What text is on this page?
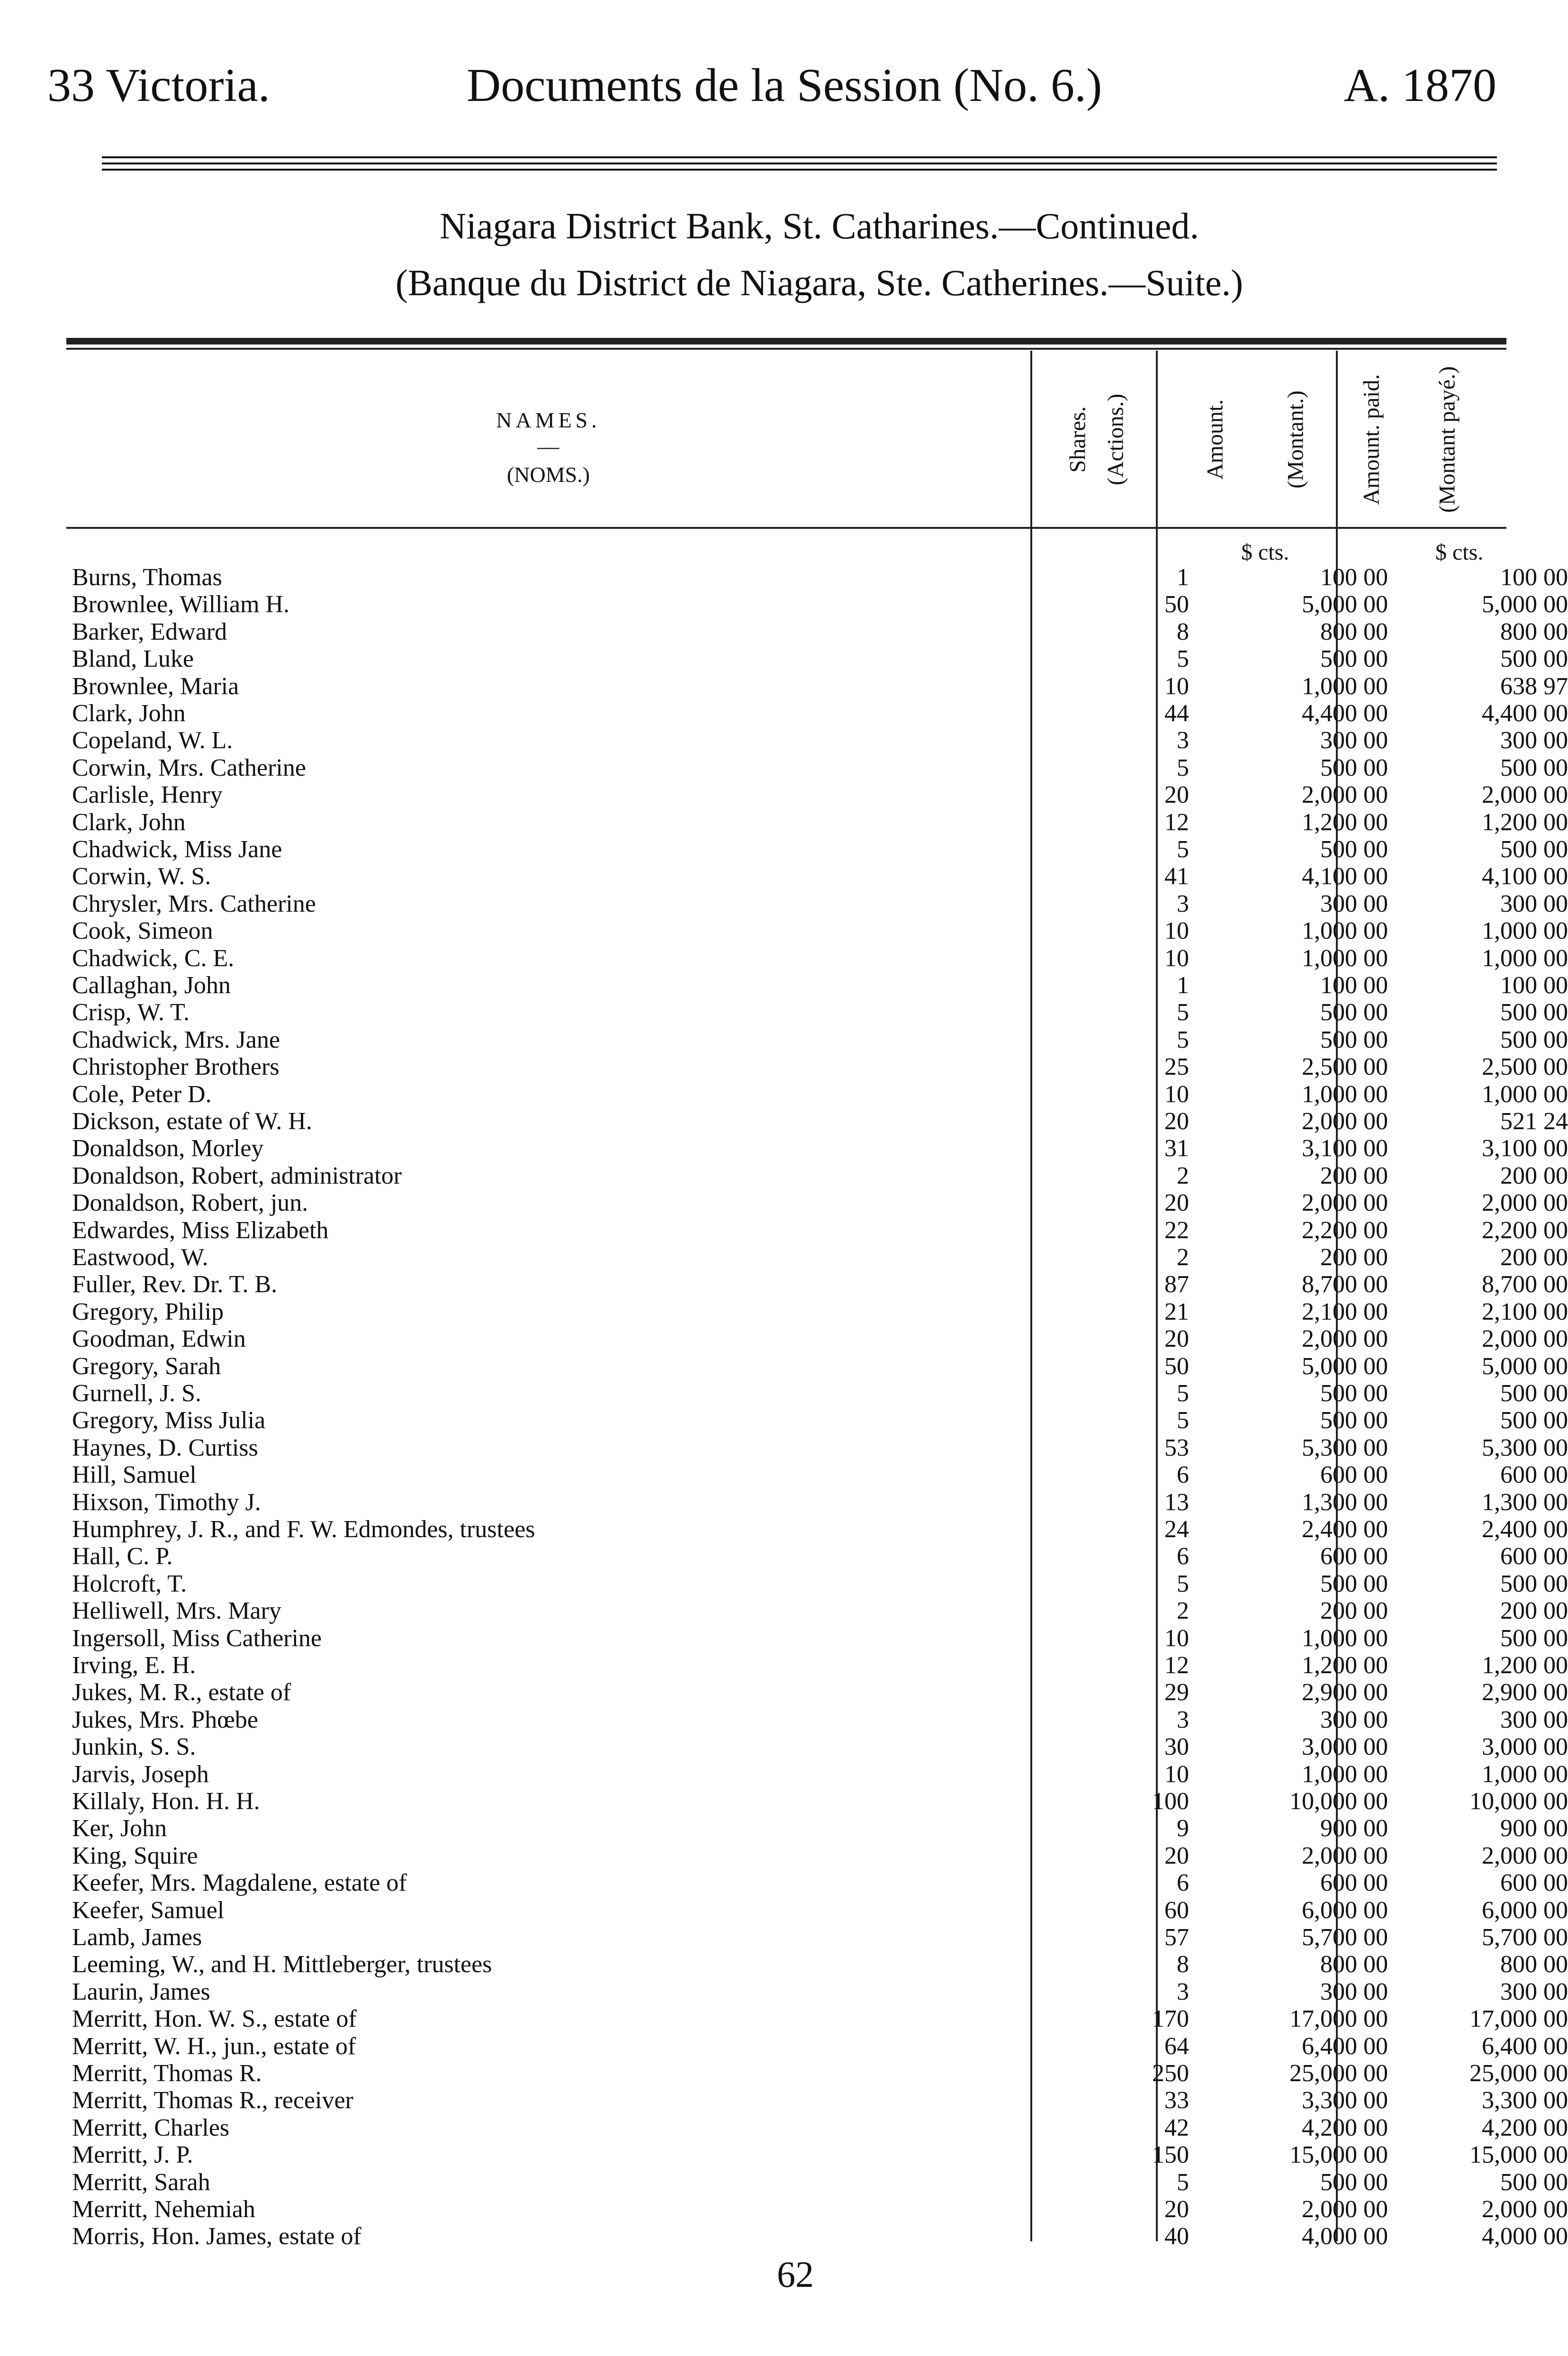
33 Victoria.	Documents de la Session (No. 6.)	A. 1870
Niagara District Bank, St. Catharines.—Continued.
(Banque du District de Niagara, Ste. Catherines.—Suite.)
NAMES.
—
(NOMS.)
Shares. (Actions.)	Amount. (Montant.) Amount. paid. (Montant payé.)
$ cts.	$ cts.
Burns, Thomas	1	100 00	100 00
Brownlee, William H.	50	5,000 00	5,000 00
Barker, Edward	8	800 00	800 00
Bland, Luke	5	500 00	500 00
Brownlee, Maria	10	1,000 00	638 97
Clark, John	44	4,400 00	4,400 00
Copeland, W. L.	3	300 00	300 00
Corwin, Mrs. Catherine	5	500 00	500 00
Carlisle, Henry	20	2,000 00	2,000 00
Clark, John	12	1,200 00	1,200 00
Chadwick, Miss Jane	5	500 00	500 00
Corwin, W. S.	41	4,100 00	4,100 00
Chrysler, Mrs. Catherine	3	300 00	300 00
Cook, Simeon	10	1,000 00	1,000 00
Chadwick, C. E.	10	1,000 00	1,000 00
Callaghan, John	1	100 00	100 00
Crisp, W. T.	5	500 00	500 00
Chadwick, Mrs. Jane	5	500 00	500 00
Christopher Brothers	25	2,500 00	2,500 00
Cole, Peter D.	10	1,000 00	1,000 00
Dickson, estate of W. H.	20	2,000 00	521 24
Donaldson, Morley	31	3,100 00	3,100 00
Donaldson, Robert, administrator	2	200 00	200 00
Donaldson, Robert, jun.	20	2,000 00	2,000 00
Edwardes, Miss Elizabeth	22	2,200 00	2,200 00
Eastwood, W.	2	200 00	200 00
Fuller, Rev. Dr. T. B.	87	8,700 00	8,700 00
Gregory, Philip	21	2,100 00	2,100 00
Goodman, Edwin	20	2,000 00	2,000 00
Gregory, Sarah	50	5,000 00	5,000 00
Gurnell, J. S.	5	500 00	500 00
Gregory, Miss Julia	5	500 00	500 00
Haynes, D. Curtiss	53	5,300 00	5,300 00
Hill, Samuel	6	600 00	600 00
Hixson, Timothy J.	13	1,300 00	1,300 00
Humphrey, J. R., and F. W. Edmondes, trustees	24	2,400 00	2,400 00
Hall, C. P.	6	600 00	600 00
Holcroft, T.	5	500 00	500 00
Helliwell, Mrs. Mary	2	200 00	200 00
Ingersoll, Miss Catherine	10	1,000 00	500 00
Irving, E. H.	12	1,200 00	1,200 00
Jukes, M. R., estate of	29	2,900 00	2,900 00
Jukes, Mrs. Phœbe	3	300 00	300 00
Junkin, S. S.	30	3,000 00	3,000 00
Jarvis, Joseph	10	1,000 00	1,000 00
Killaly, Hon. H. H.	100	10,000 00	10,000 00
Ker, John	9	900 00	900 00
King, Squire	20	2,000 00	2,000 00
Keefer, Mrs. Magdalene, estate of	6	600 00	600 00
Keefer, Samuel	60	6,000 00	6,000 00
Lamb, James	57	5,700 00	5,700 00
Leeming, W., and H. Mittleberger, trustees	8	800 00	800 00
Laurin, James	3	300 00	300 00
Merritt, Hon. W. S., estate of	170	17,000 00	17,000 00
Merritt, W. H., jun., estate of	64	6,400 00	6,400 00
Merritt, Thomas R.	250	25,000 00	25,000 00
Merritt, Thomas R., receiver	33	3,300 00	3,300 00
Merritt, Charles	42	4,200 00	4,200 00
Merritt, J. P.	150	15,000 00	15,000 00
Merritt, Sarah	5	500 00	500 00
Merritt, Nehemiah	20	2,000 00	2,000 00
Morris, Hon. James, estate of	40	4,000 00	4,000 00
62
